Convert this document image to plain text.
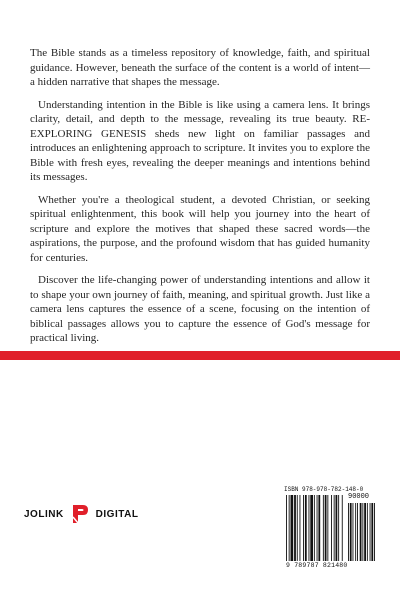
The Bible stands as a timeless repository of knowledge, faith, and spiritual guidance. However, beneath the surface of the content is a world of intent—a hidden narrative that shapes the message.

Understanding intention in the Bible is like using a camera lens. It brings clarity, detail, and depth to the message, revealing its true beauty. RE-EXPLORING GENESIS sheds new light on familiar passages and introduces an enlightening approach to scripture. It invites you to explore the Bible with fresh eyes, revealing the deeper meanings and intentions behind its messages.

Whether you're a theological student, a devoted Christian, or seeking spiritual enlightenment, this book will help you journey into the heart of scripture and explore the motives that shaped these sacred words—the aspirations, the purpose, and the profound wisdom that has guided humanity for centuries.

Discover the life-changing power of understanding intentions and allow it to shape your own journey of faith, meaning, and spiritual growth. Just like a camera lens captures the essence of a scene, focusing on the intention of biblical passages allows you to capture the essence of God's message for practical living.

JOLINK	DIGITAL
ISBN 978-978-782-148-0
90000
9 789787 821480
